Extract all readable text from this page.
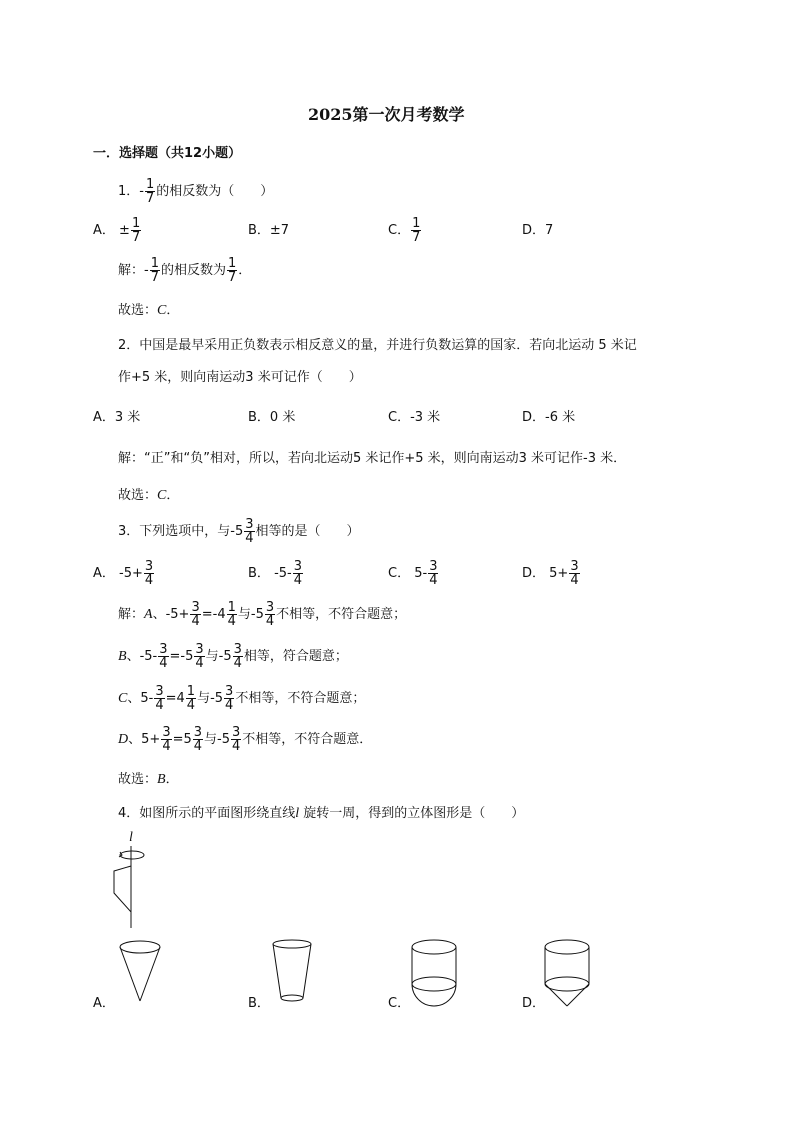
2025第一次月考数学
一．选择题（共12小题）
1．- $\frac{1}{7}$ 的相反数为（　　）
A． ± $\frac{1}{7}$	B．±7	C． $\frac{1}{7}$	D．7
解：- $\frac{1}{7}$ 的相反数为 $\frac{1}{7}$ ．
故选：C．
2．中国是最早采用正负数表示相反意义的量，并进行负数运算的国家．若向北运动 5 米记
作+5 米，则向南运动3 米可记作（　　）
A．3 米	B．0 米	C．-3 米	D．-6 米
解：“正”和“负”相对，所以，若向北运动5 米记作+5 米，则向南运动3 米可记作-3 米．
故选：C．
3．下列选项中，与$-5 \frac{3}{4}$ 相等的是（　　）
A． $-5+ \frac{3}{4}$	B． $-5- \frac{3}{4}$	C． $5- \frac{3}{4}$	D． $5+ \frac{3}{4}$
解：A、$-5+ \frac{3}{4} =-4 \frac{1}{4}$ 与$-5 \frac{3}{4}$ 不相等，不符合题意；
B、$-5- \frac{3}{4} =-5 \frac{3}{4}$ 与$-5 \frac{3}{4}$ 相等，符合题意；
C、$5- \frac{3}{4} =4 \frac{1}{4}$ 与$-5 \frac{3}{4}$ 不相等，不符合题意；
D、$5+ \frac{3}{4} =5 \frac{3}{4}$ 与$-5 \frac{3}{4}$ 不相等，不符合题意．
故选：B．
4．如图所示的平面图形绕直线l 旋转一周，得到的立体图形是（　　）
l
A．	B．	C．	D．
